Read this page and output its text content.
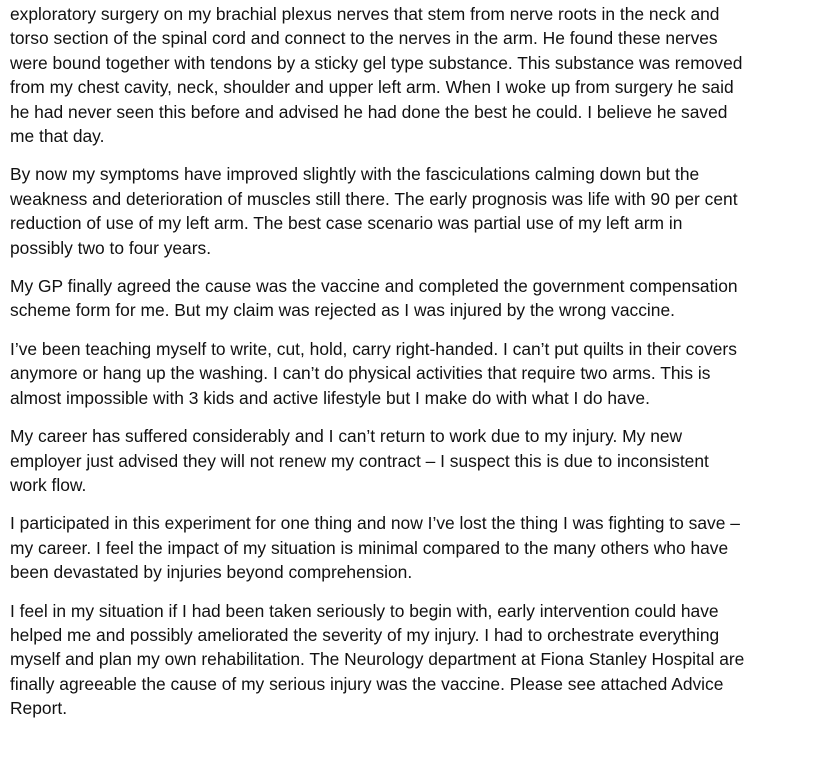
exploratory surgery on my brachial plexus nerves that stem from nerve roots in the neck and
torso section of the spinal cord and connect to the nerves in the arm. He found these nerves
were bound together with tendons by a sticky gel type substance. This substance was removed
from my chest cavity, neck, shoulder and upper left arm. When I woke up from surgery he said
he had never seen this before and advised he had done the best he could. I believe he saved
me that day.

By now my symptoms have improved slightly with the fasciculations calming down but the
weakness and deterioration of muscles still there. The early prognosis was life with 90 per cent
reduction of use of my left arm. The best case scenario was partial use of my left arm in
possibly two to four years.

My GP finally agreed the cause was the vaccine and completed the government compensation
scheme form for me. But my claim was rejected as I was injured by the wrong vaccine.

I’ve been teaching myself to write, cut, hold, carry right-handed. I can’t put quilts in their covers
anymore or hang up the washing. I can’t do physical activities that require two arms. This is
almost impossible with 3 kids and active lifestyle but I make do with what I do have.

My career has suffered considerably and I can’t return to work due to my injury. My new
employer just advised they will not renew my contract – I suspect this is due to inconsistent
work flow.

I participated in this experiment for one thing and now I’ve lost the thing I was fighting to save –
my career. I feel the impact of my situation is minimal compared to the many others who have
been devastated by injuries beyond comprehension.

I feel in my situation if I had been taken seriously to begin with, early intervention could have
helped me and possibly ameliorated the severity of my injury. I had to orchestrate everything
myself and plan my own rehabilitation. The Neurology department at Fiona Stanley Hospital are
finally agreeable the cause of my serious injury was the vaccine. Please see attached Advice
Report.
